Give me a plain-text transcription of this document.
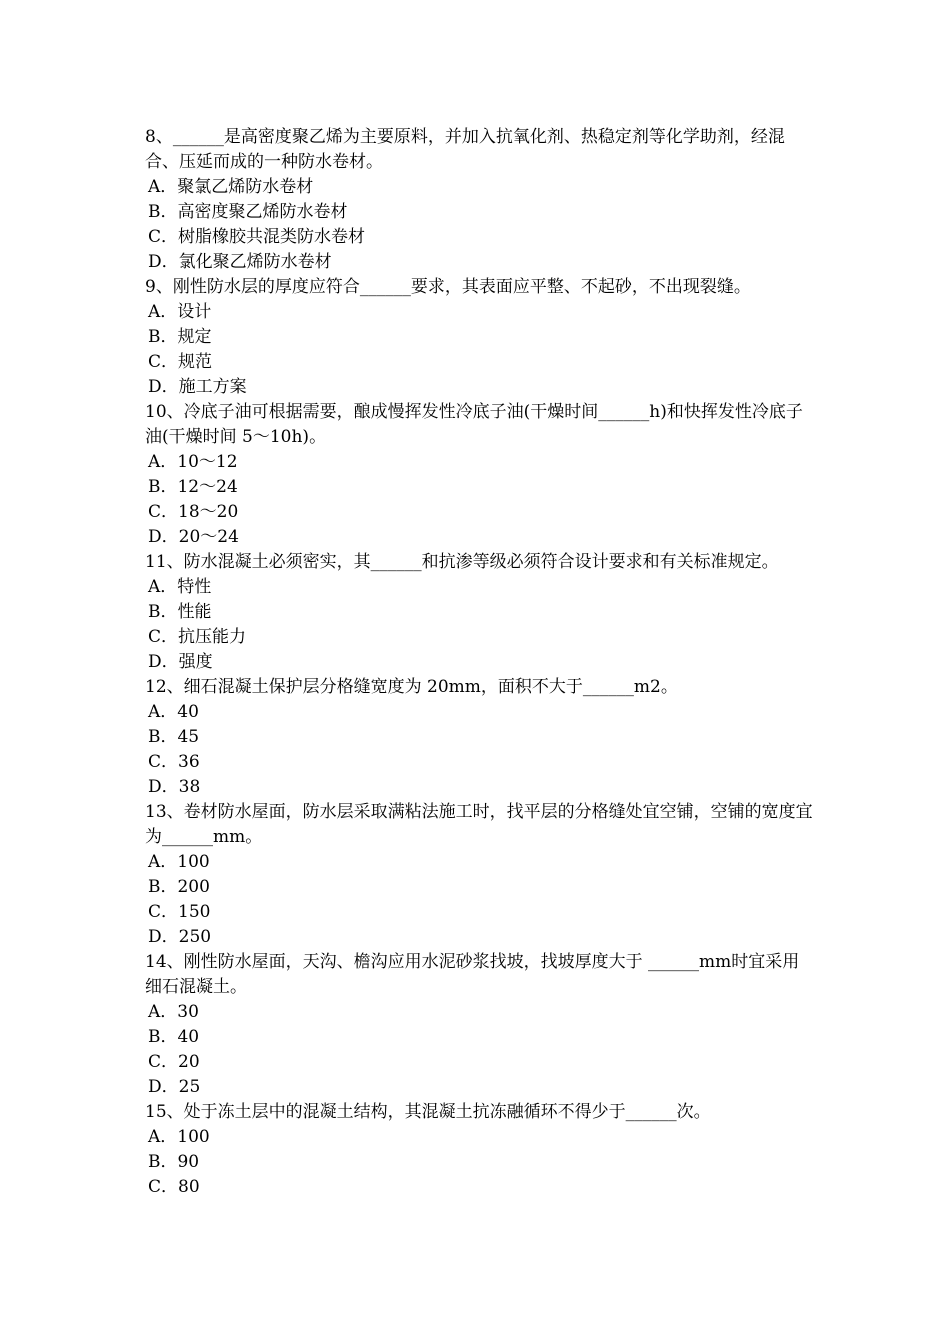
8、______是高密度聚乙烯为主要原料，并加入抗氧化剂、热稳定剂等化学助剂，经混合、压延而成的一种防水卷材。

A．聚氯乙烯防水卷材

B．高密度聚乙烯防水卷材

C．树脂橡胶共混类防水卷材

D．氯化聚乙烯防水卷材

9、刚性防水层的厚度应符合______要求，其表面应平整、不起砂，不出现裂缝。

A．设计

B．规定

C．规范

D．施工方案

10、冷底子油可根据需要，酿成慢挥发性冷底子油(干燥时间______h)和快挥发性冷底子油(干燥时间 5～10h)。

A．10～12

B．12～24

C．18～20

D．20～24

11、防水混凝土必须密实，其______和抗渗等级必须符合设计要求和有关标准规定。

A．特性

B．性能

C．抗压能力

D．强度

12、细石混凝土保护层分格缝宽度为 20mm，面积不大于______m2。

A．40

B．45

C．36

D．38

13、卷材防水屋面，防水层采取满粘法施工时，找平层的分格缝处宜空铺，空铺的宽度宜为______mm。

A．100

B．200

C．150

D．250

14、刚性防水屋面，天沟、檐沟应用水泥砂浆找坡，找坡厚度大于 ______mm时宜采用细石混凝土。

A．30

B．40

C．20

D．25

15、处于冻土层中的混凝土结构，其混凝土抗冻融循环不得少于______次。

A．100

B．90

C．80
